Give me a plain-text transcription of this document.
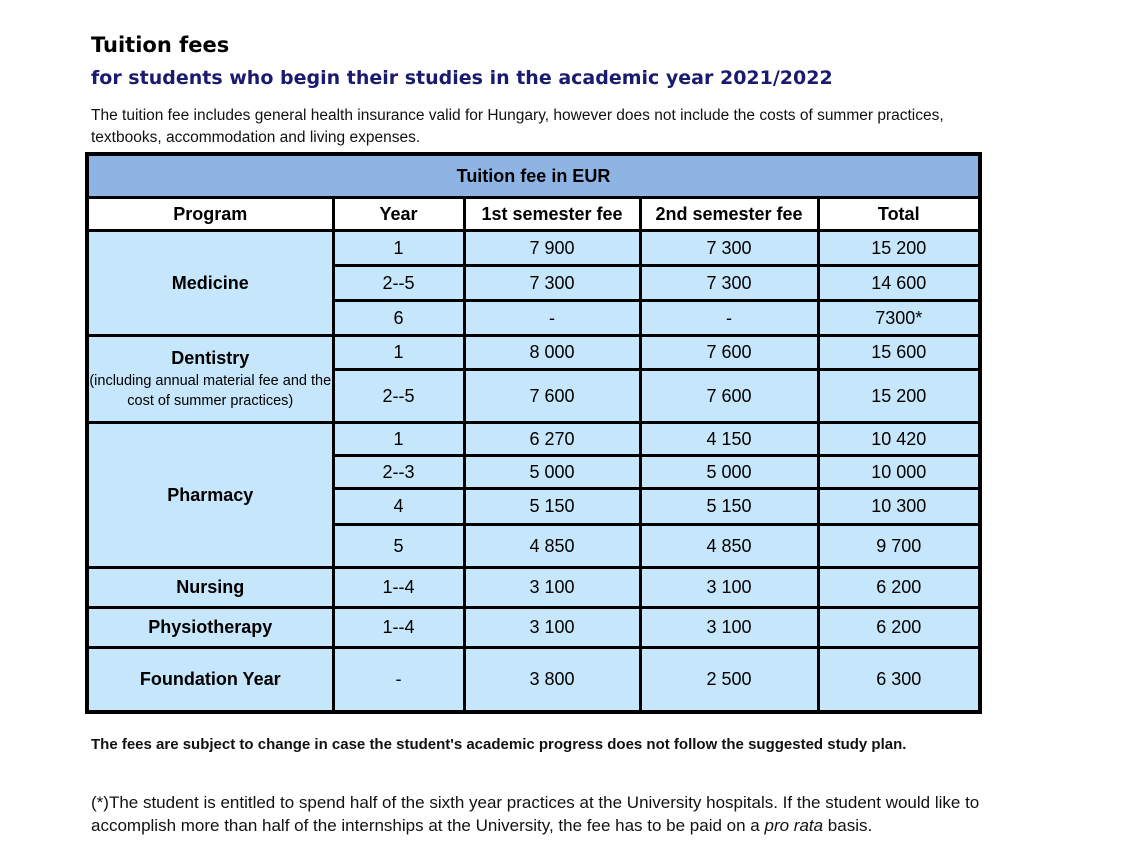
Tuition fees
for students who begin their studies in the academic year 2021/2022
The tuition fee includes general health insurance valid for Hungary, however does not include the costs of summer practices, textbooks, accommodation and living expenses.
Tuition fee in EUR				
Program	Year	1st semester fee	2nd semester fee	Total
Medicine	1	7 900	7 300	15 200
	2--5	7 300	7 300	14 600
	6	-	-	7300*
Dentistry
(including annual material fee and the cost of summer practices)	1	8 000	7 600	15 600
	2--5	7 600	7 600	15 200
Pharmacy	1	6 270	4 150	10 420
	2--3	5 000	5 000	10 000
	4	5 150	5 150	10 300
	5	4 850	4 850	9 700
Nursing	1--4	3 100	3 100	6 200
Physiotherapy	1--4	3 100	3 100	6 200
Foundation Year	-	3 800	2 500	6 300
The fees are subject to change in case the student's academic progress does not follow the suggested study plan.
(*)The student is entitled to spend half of the sixth year practices at the University hospitals. If the student would like to accomplish more than half of the internships at the University, the fee has to be paid on a pro rata basis.
